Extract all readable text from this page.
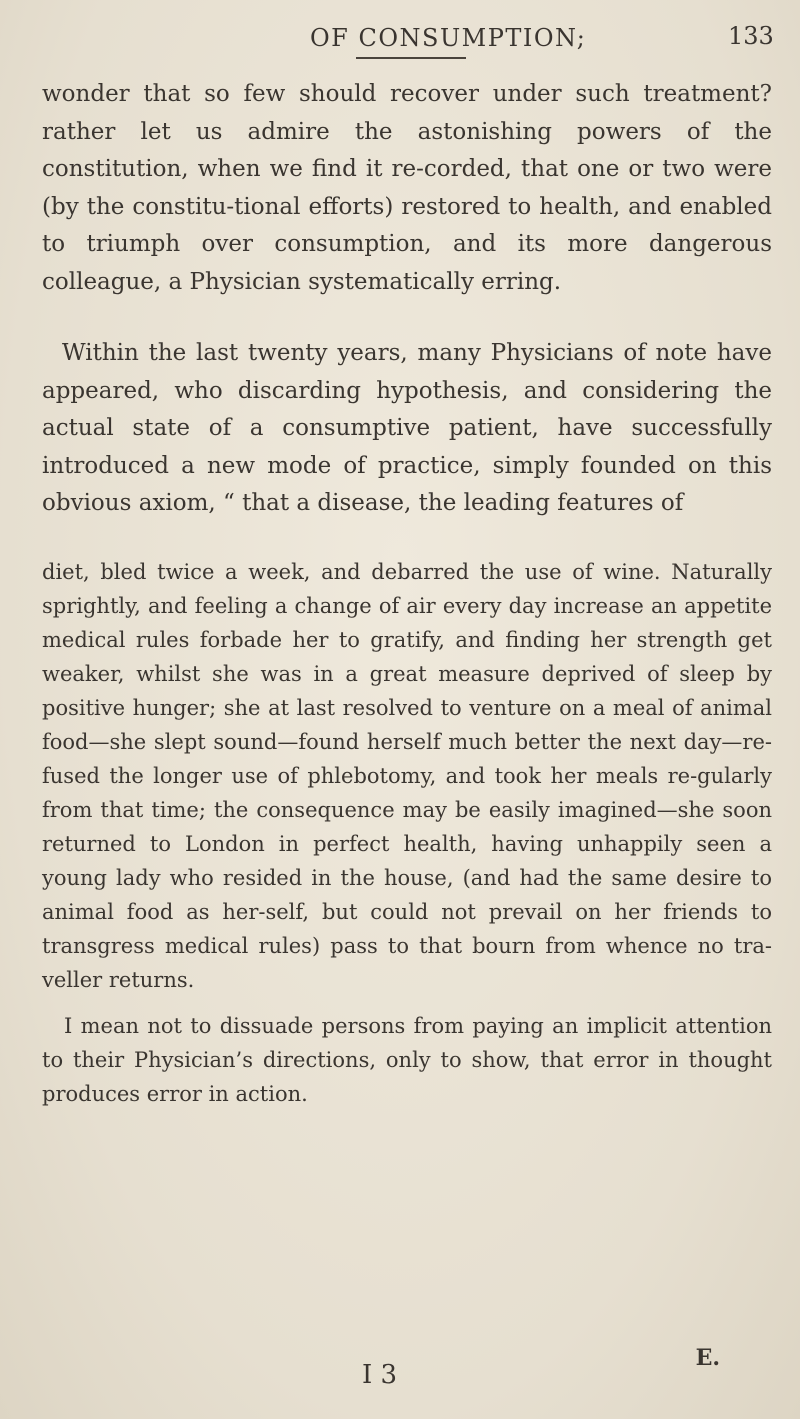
OF CONSUMPTION;	133

wonder that so few should recover under such treatment? rather let us admire the astonishing powers of the constitution, when we find it re-corded, that one or two were (by the constitu-tional efforts) restored to health, and enabled to triumph over consumption, and its more dangerous colleague, a Physician systematically erring.

Within the last twenty years, many Physicians of note have appeared, who discarding hypothesis, and considering the actual state of a consumptive patient, have successfully introduced a new mode of practice, simply founded on this obvious axiom, “ that a disease, the leading features of

diet, bled twice a week, and debarred the use of wine. Naturally sprightly, and feeling a change of air every day increase an appetite medical rules forbade her to gratify, and finding her strength get weaker, whilst she was in a great measure deprived of sleep by positive hunger; she at last resolved to venture on a meal of animal food—she slept sound—found herself much better the next day—re-fused the longer use of phlebotomy, and took her meals re-gularly from that time; the consequence may be easily imagined—she soon returned to London in perfect health, having unhappily seen a young lady who resided in the house, (and had the same desire to animal food as her-self, but could not prevail on her friends to transgress medical rules) pass to that bourn from whence no tra-veller returns.

I mean not to dissuade persons from paying an implicit attention to their Physician’s directions, only to show, that error in thought produces error in action.

E.
I 3
